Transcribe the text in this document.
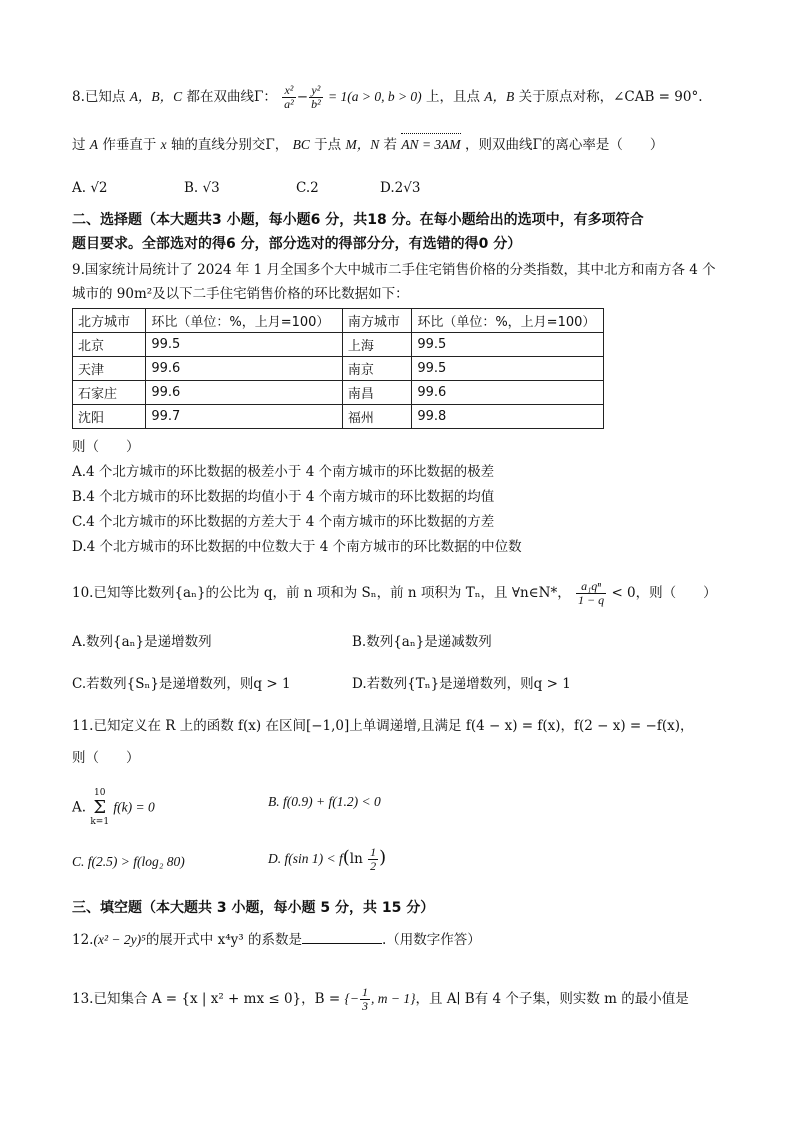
8.已知点 A，B，C 都在双曲线Γ： $\frac{\text{x²}}{\text{a²}} - \frac{\text{y²}}{\text{b²}} = 1(a > 0$, b > 0) 上，且点 A，B 关于原点对称，∠CAB = 90°.
过 A 作垂直于 x 轴的直线分别交Γ， BC 于点 M，N 若 AN = 3AM ，则双曲线Γ的离心率是（　　）
A. √2	B. √3	C.2	D.2√3
二、选择题（本大题共3 小题，每小题6 分，共18 分。在每小题给出的选项中，有多项符合
题目要求。全部选对的得6 分，部分选对的得部分分，有选错的得0 分）
9.国家统计局统计了 2024 年 1 月全国多个大中城市二手住宅销售价格的分类指数，其中北方和南方各 4 个
城市的 90m²及以下二手住宅销售价格的环比数据如下：
北方城市	环比（单位：%，上月=100）	南方城市	环比（单位：%，上月=100）
北京	99.5	上海	99.5
天津	99.6	南京	99.5
石家庄	99.6	南昌	99.6
沈阳	99.7	福州	99.8
则（　　）
A.4 个北方城市的环比数据的极差小于 4 个南方城市的环比数据的极差
B.4 个北方城市的环比数据的均值小于 4 个南方城市的环比数据的均值
C.4 个北方城市的环比数据的方差大于 4 个南方城市的环比数据的方差
D.4 个北方城市的环比数据的中位数大于 4 个南方城市的环比数据的中位数
10.已知等比数列{aₙ}的公比为 q，前 n 项和为 Sₙ，前 n 项积为 Tₙ，且 ∀n∈N*， $\frac{\text{a₁qⁿ}}{1 - q} < 0$，则（　　）
A.数列{aₙ}是递增数列	B.数列{aₙ}是递减数列
C.若数列{Sₙ}是递增数列，则q > 1	D.若数列{Tₙ}是递增数列，则q > 1
11.已知定义在 R 上的函数 f(x) 在区间[−1,0]上单调递增,且满足 f(4 − x) = f(x)，f(2 − x) = −f(x)，
则（　　）
A.
10
Σ
k=1
f(k) = 0	B. f(0.9) + f(1.2) < 0
C. f(2.5) > f(log₂ 80)	D. f(sin $1) < f(\ln \frac{1}{2}$ )
三、填空题（本大题共 3 小题，每小题 5 分，共 15 分）
12.(x² − 2y)⁵的展开式中 x⁴y³ 的系数是	.（用数字作答）
13.已知集合 A = {x | x² + mx ≤ 0}，B = {− $\frac{1}{3}$ , m − 1}，且 A∣ B有 4 个子集，则实数 m 的最小值是
